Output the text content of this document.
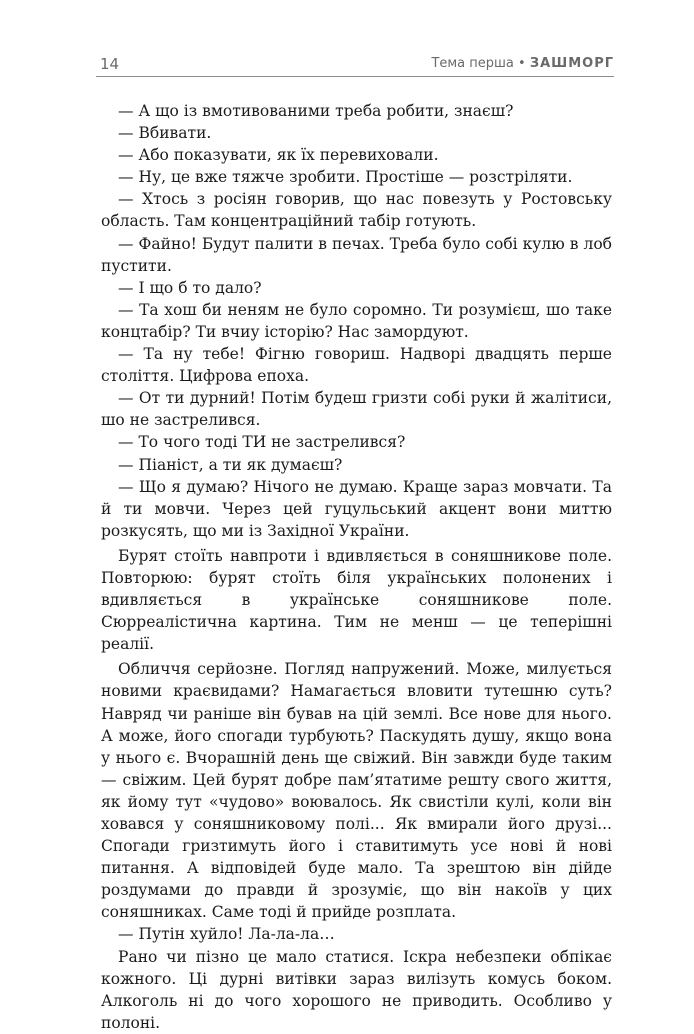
14	Тема перша • ЗАШМОРГ

— А що із вмотивованими треба робити, знаєш?

— Вбивати.

— Або показувати, як їх перевиховали.

— Ну, це вже тяжче зробити. Простіше — розстріляти.

— Хтось з росіян говорив, що нас повезуть у Ростовську область. Там концентраційний табір готують.

— Файно! Будут палити в печах. Треба було собі кулю в лоб пустити.

— І що б то дало?

— Та хош би неням не було соромно. Ти розумієш, шо таке концтабір? Ти вчиу історію? Нас замордуют.

— Та ну тебе! Фігню говориш. Надворі двадцять перше століття. Цифрова епоха.

— От ти дурний! Потім будеш гризти собі руки й жалітиси, шо не застрелився.

— То чого тоді ТИ не застрелився?

— Піаніст, а ти як думаєш?

— Що я думаю? Нічого не думаю. Краще зараз мовчати. Та й ти мовчи. Через цей гуцульський акцент вони миттю розкусять, що ми із Західної України.

Бурят стоїть навпроти і вдивляється в соняшникове поле. Повторюю: бурят стоїть біля українських полонених і вдивляється в українське соняшникове поле. Сюрреалістична картина. Тим не менш — це теперішні реалії.

Обличчя серйозне. Погляд напружений. Може, милується новими краєвидами? Намагається вловити тутешню суть? Навряд чи раніше він бував на цій землі. Все нове для нього. А може, його спогади турбують? Паскудять душу, якщо вона у нього є. Вчорашній день ще свіжий. Він завжди буде таким — свіжим. Цей бурят добре пам’ятатиме решту свого життя, як йому тут «чудово» воювалось. Як свистіли кулі, коли він ховався у соняшниковому полі... Як вмирали його друзі... Спогади гризтимуть його і ставитимуть усе нові й нові питання. А відповідей буде мало. Та зрештою він дійде роздумами до правди й зрозуміє, що він накоїв у цих соняшниках. Саме тоді й прийде розплата.

— Путін хуйло! Ла-ла-ла…

Рано чи пізно це мало статися. Іскра небезпеки обпікає кожного. Ці дурні витівки зараз вилізуть комусь боком. Алкоголь ні до чого хорошого не приводить. Особливо у полоні.
